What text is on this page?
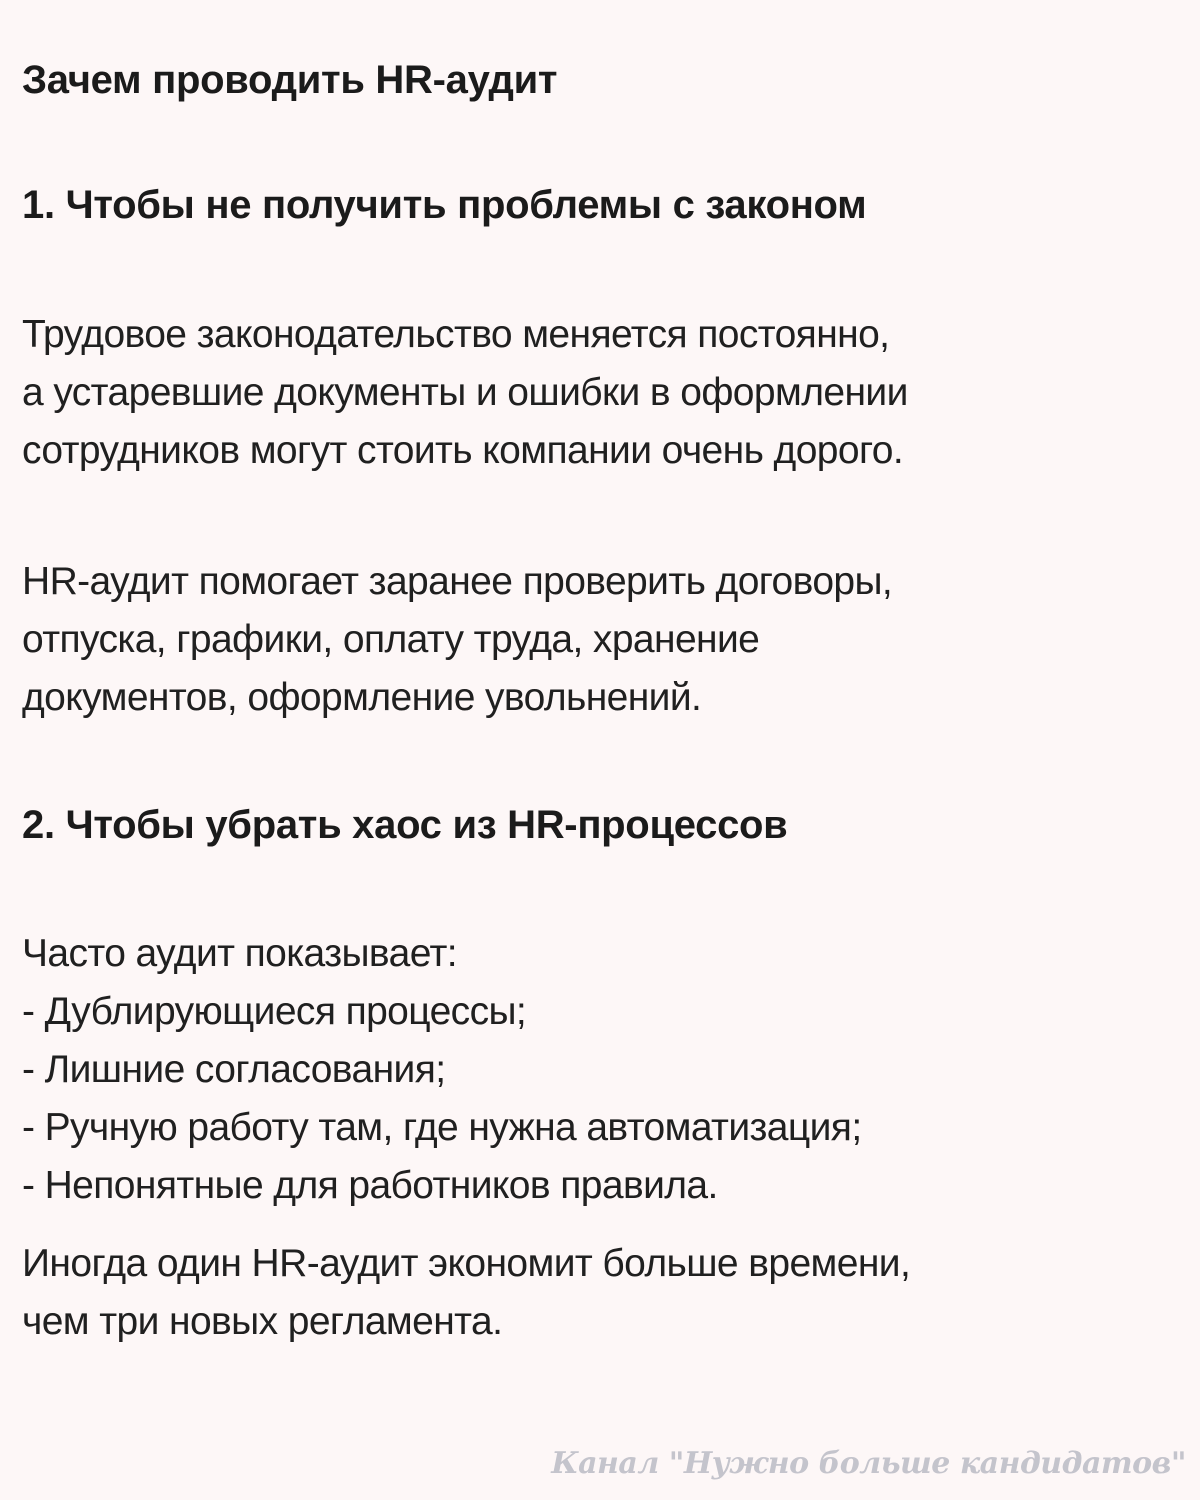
Зачем проводить HR-аудит
1. Чтобы не получить проблемы с законом

Трудовое законодательство меняется постоянно,
а устаревшие документы и ошибки в оформлении
сотрудников могут стоить компании очень дорого.

HR-аудит помогает заранее проверить договоры,
отпуска, графики, оплату труда, хранение
документов, оформление увольнений.

2. Чтобы убрать хаос из HR-процессов

Часто аудит показывает:
- Дублирующиеся процессы;
- Лишние согласования;
- Ручную работу там, где нужна автоматизация;
- Непонятные для работников правила.

Иногда один HR-аудит экономит больше времени,
чем три новых регламента.

Канал "Нужно больше кандидатов"
